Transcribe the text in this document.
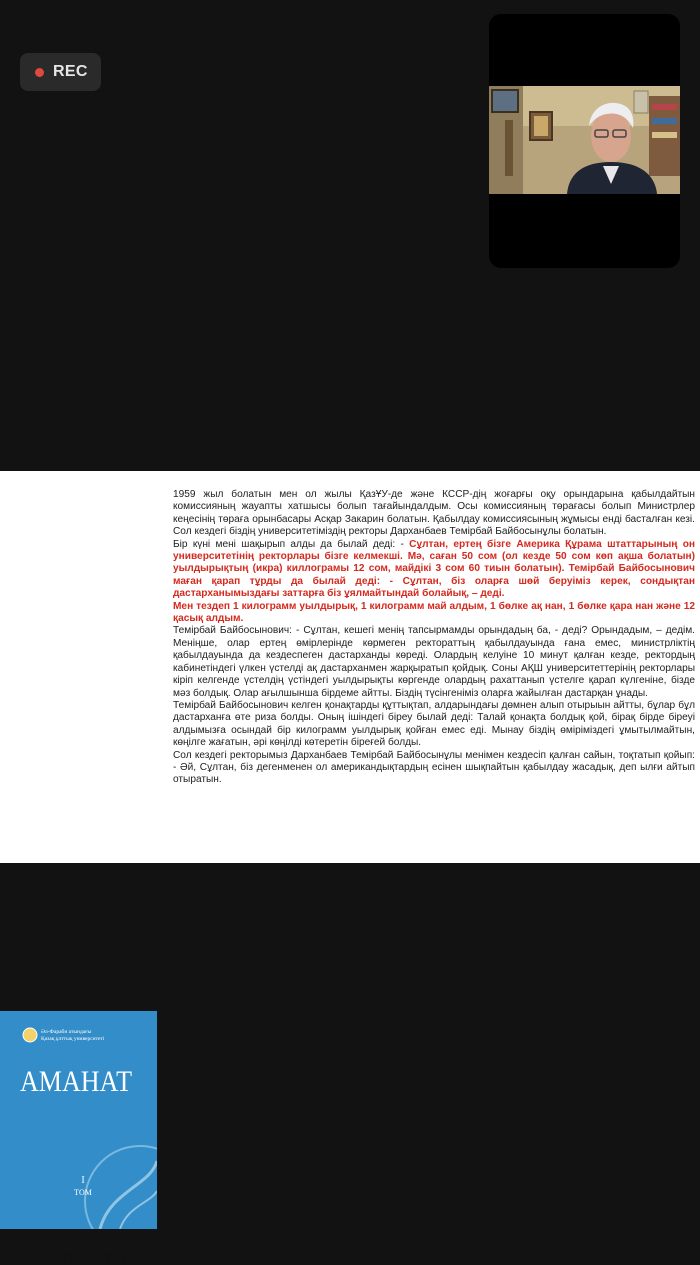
REC
Әл-Фараби атындағы
Қазақ ұлттық университеті
АМАНАТ
I
ТОМ
ОЙ ТОЛҒАУЫ

1959 жыл болатын мен ол жылы ҚазҰУ-де және КССР-дің жоғарғы оқу орындарына қабылдайтын комиссияның жауапты хатшысы болып тағайындалдым. Осы комиссияның төрағасы болып Министрлер кеңесінің төраға орынбасары Асқар Закарин болатын. Қабылдау комиссиясының жұмысы енді басталған кезі. Сол кездегі біздің университетіміздің ректоры Дарханбаев Темірбай Байбосынұлы болатын.

Бір күні мені шақырып алды да былай деді: - Сұлтан, ертең бізге Америка Құрама штаттарының он университетінің ректорлары бізге келмекші. Мә, саған 50 сом (ол кезде 50 сом көп ақша болатын) уылдырықтың (икра) киллограмы 12 сом, майдікі 3 сом 60 тиын болатын). Темірбай Байбосынович маған қарап тұрды да былай деді: - Сұлтан, біз оларға шөй беруіміз керек, сондықтан дастарханымыздағы заттарға біз ұялмайтындай болайық, – деді.

Мен тездеп 1 килограмм уылдырық, 1 килограмм май алдым, 1 бөлке ақ нан, 1 бөлке қара нан және 12 қасық алдым.

Темірбай Байбосынович: - Сұлтан, кешегі менің тапсырмамды орындадың ба, - деді? Орындадым, – дедім. Меніңше, олар ертең өмірлерінде көрмеген ректораттың қабылдауында ғана емес, министрліктің қабылдауында да кездеспеген дастарханды көреді. Олардың келуіне 10 минут қалған кезде, ректордың кабинетіндегі үлкен үстелді ақ дастарханмен жарқыратып қойдық. Соны АҚШ университеттерінің ректорлары кіріп келгенде үстелдің үстіндегі уылдырықты көргенде олардың рахаттанып үстелге қарап күлгеніне, бізде мәз болдық. Олар ағылшынша бірдеме айтты. Біздің түсінгеніміз оларға жайылған дастарқан ұнады.

Темірбай Байбосынович келген қонақтарды құттықтап, алдарындағы дөмнен алып отырыын айтты, бұлар бұл дастарханға өте риза болды. Оның ішіндегі біреу былай деді: Талай қонақта болдық қой, бірақ бірде біреуі алдымызға осындай бір килограмм уылдырық қойған емес еді. Мынау біздің өміріміздегі ұмытылмайтын, көңілге жағатын, әрі көңілді көтеретін біреғей болды.

Сол кездегі ректорымыз Дарханбаев Темірбай Байбосынұлы менімен кездесіп қалған сайын, тоқтатып қойып: - Әй, Сұлтан, біз дегенменен ол американдықтардың есінен шықпайтын қабылдау жасадық, деп ылғи айтып отыратын.
